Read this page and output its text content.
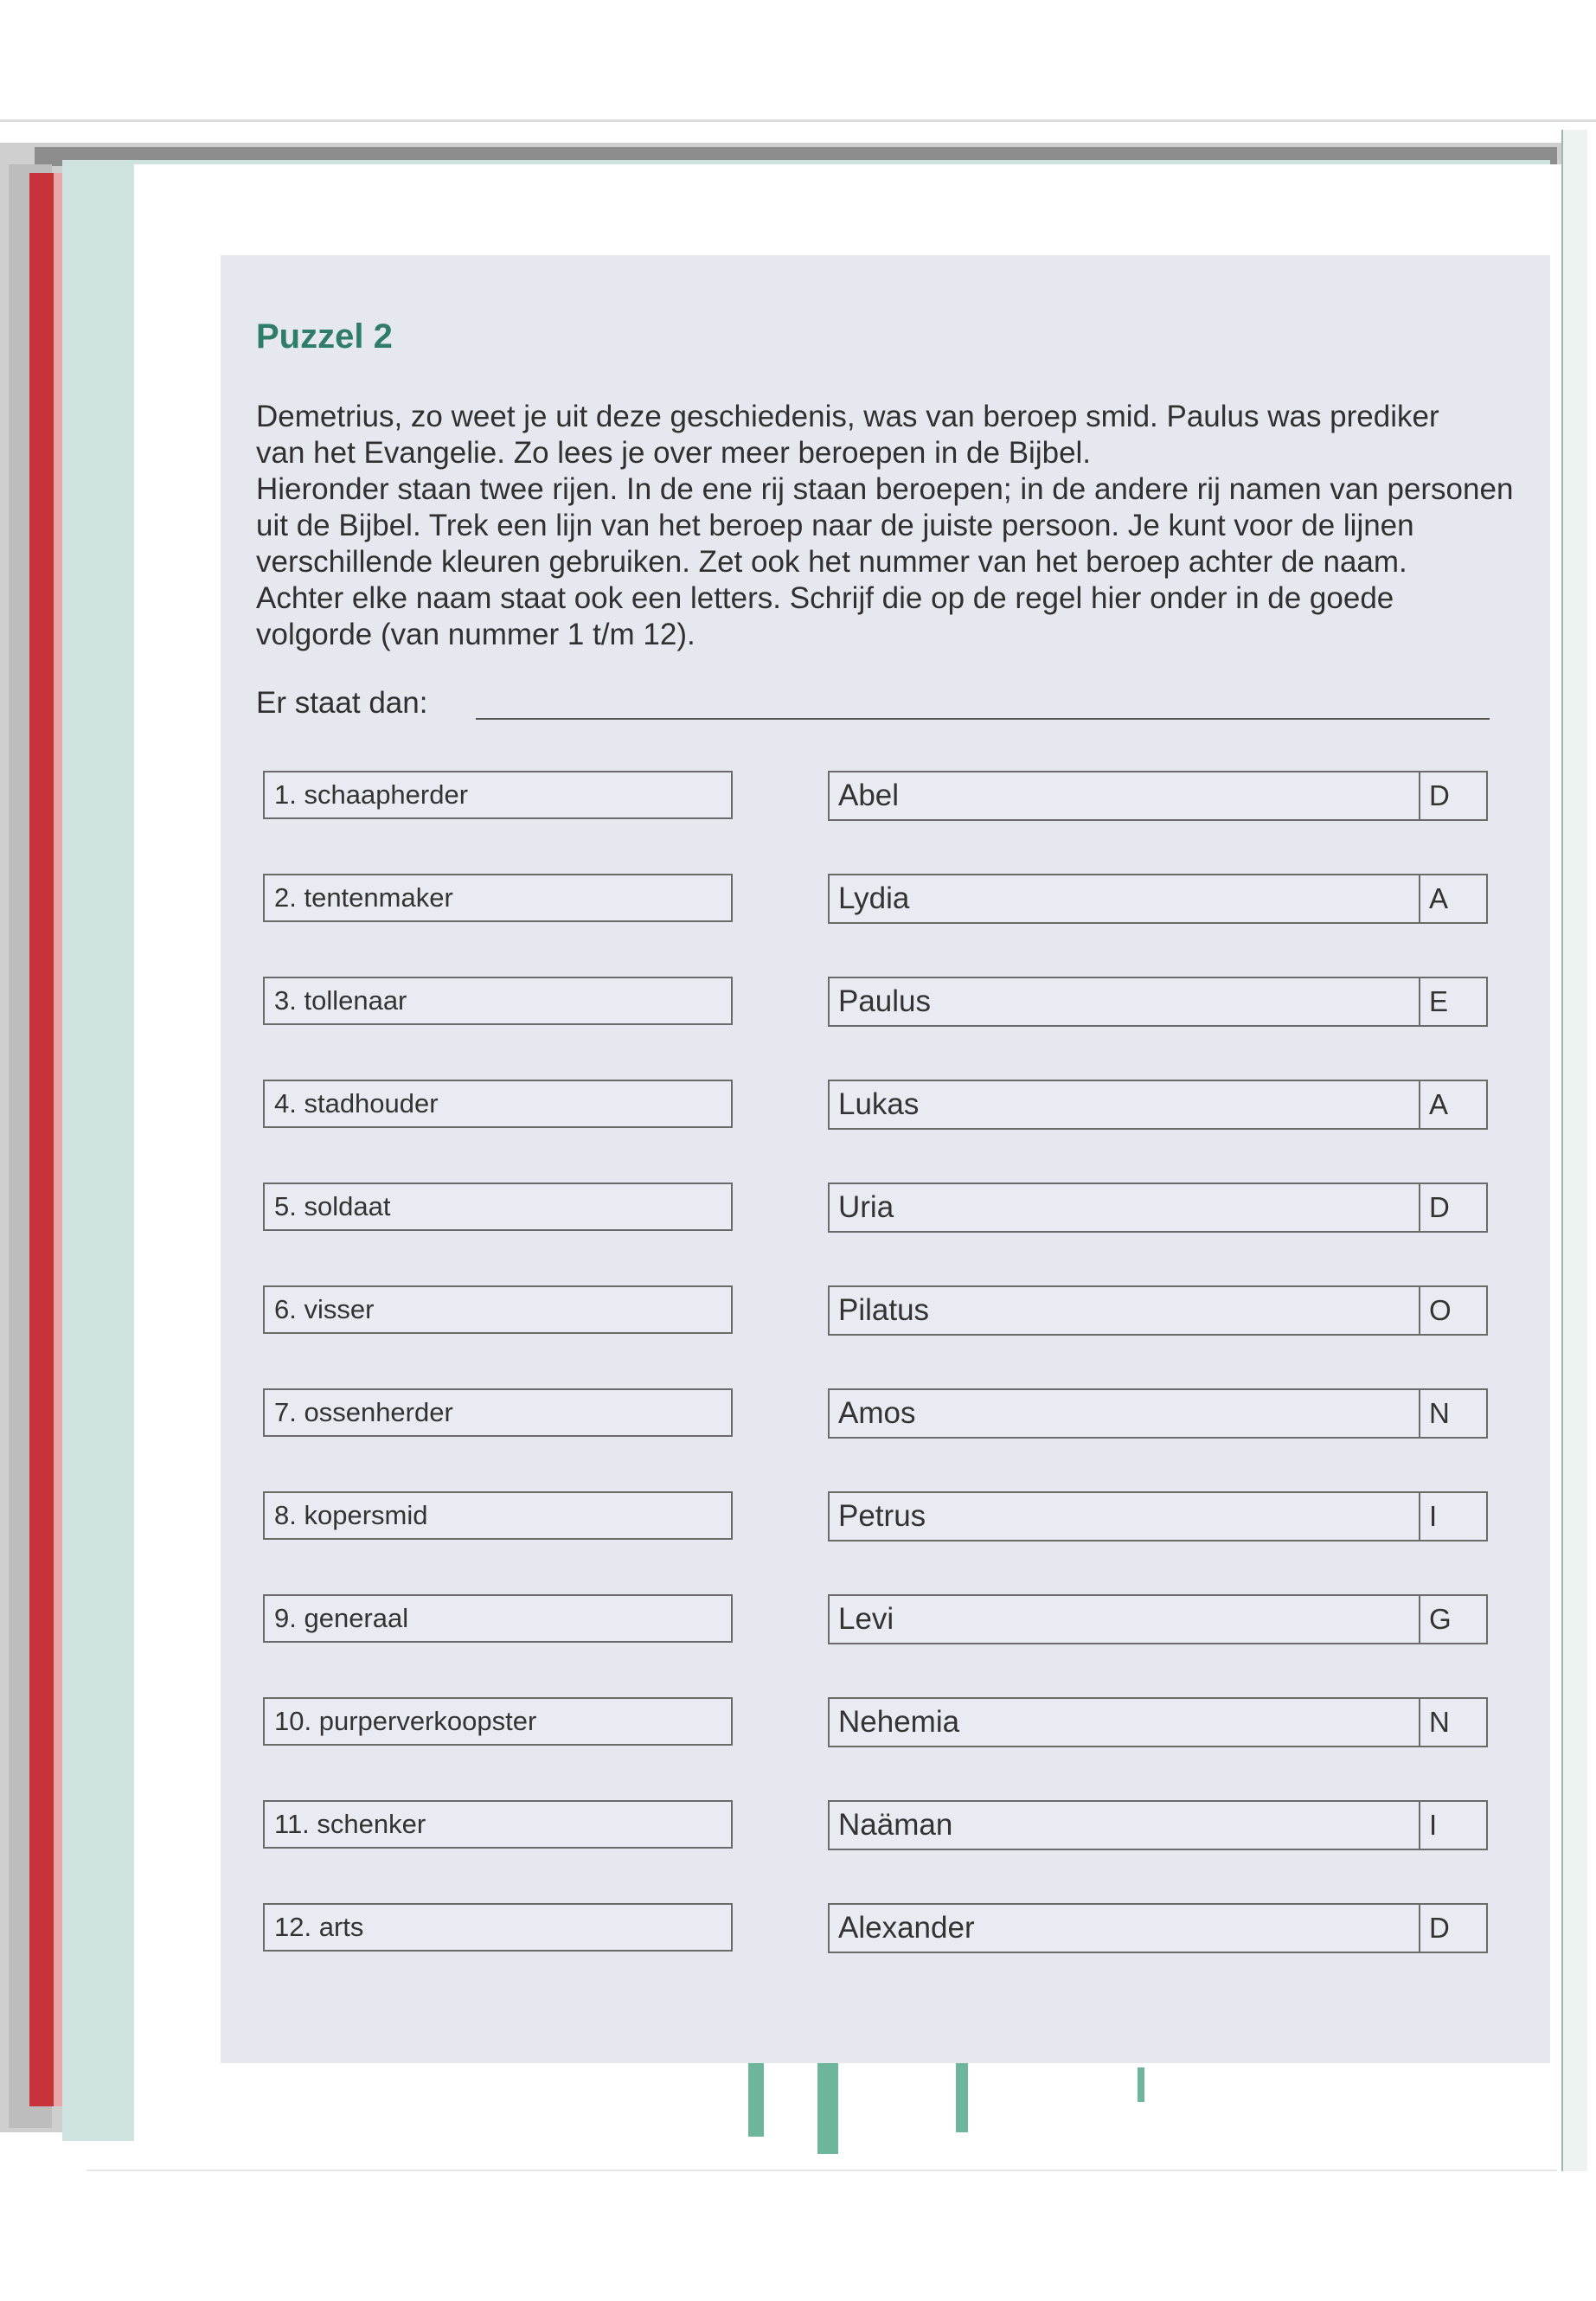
Puzzel 2

Demetrius, zo weet je uit deze geschiedenis, was van beroep smid. Paulus was prediker

van het Evangelie. Zo lees je over meer beroepen in de Bijbel.

Hieronder staan twee rijen. In de ene rij staan beroepen; in de andere rij namen van personen

uit de Bijbel. Trek een lijn van het beroep naar de juiste persoon. Je kunt voor de lijnen

verschillende kleuren gebruiken. Zet ook het nummer van het beroep achter de naam.

Achter elke naam staat ook een letters. Schrijf die op de regel hier onder in de goede

volgorde (van nummer 1 t/m 12).

Er staat dan:
1. schaapherder	Abel	D
2. tentenmaker	Lydia	A
3. tollenaar	Paulus	E
4. stadhouder	Lukas	A
5. soldaat	Uria	D
6. visser	Pilatus	O
7. ossenherder	Amos	N
8. kopersmid	Petrus	I
9. generaal	Levi	G
10. purperverkoopster	Nehemia	N
11. schenker	Naäman	I
12. arts	Alexander	D
